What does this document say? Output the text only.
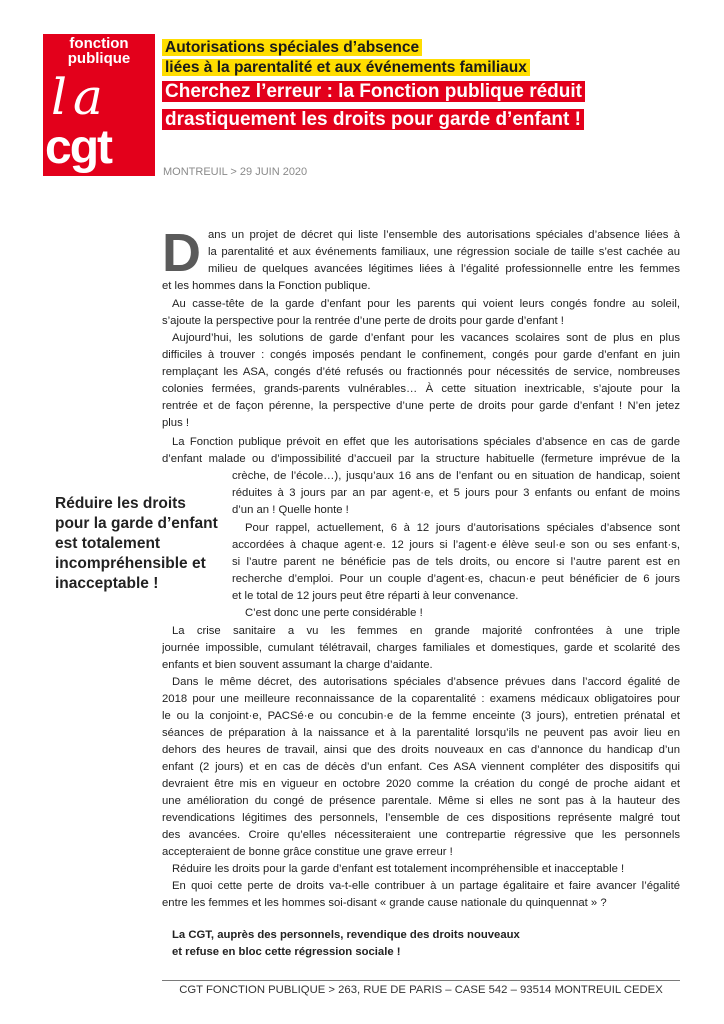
fonction
publique
la
cgt
Autorisations spéciales d’absence
liées à la parentalité et aux événements familiaux
Cherchez l’erreur : la Fonction publique réduit
drastiquement les droits pour garde d’enfant !
MONTREUIL > 29 JUIN 2020
D ans un projet de décret qui liste l’ensemble des autorisations spéciales d’absence liées à
la parentalité et aux événements familiaux, une régression sociale de taille s’est cachée au
milieu de quelques avancées légitimes liées à l’égalité professionnelle entre les femmes
et les hommes dans la Fonction publique.
Au casse-tête de la garde d’enfant pour les parents qui voient leurs congés fondre au soleil,
s’ajoute la perspective pour la rentrée d’une perte de droits pour garde d’enfant !
Aujourd’hui, les solutions de garde d’enfant pour les vacances scolaires sont de plus en plus
difficiles à trouver : congés imposés pendant le confinement, congés pour garde d’enfant en juin
remplaçant les ASA, congés d’été refusés ou fractionnés pour nécessités de service, nombreuses
colonies fermées, grands-parents vulnérables… À cette situation inextricable, s’ajoute pour la
rentrée et de façon pérenne, la perspective d’une perte de droits pour garde d’enfant ! N’en jetez
plus !
La Fonction publique prévoit en effet que les autorisations spéciales d’absence en cas de garde
d’enfant malade ou d’impossibilité d’accueil par la structure habituelle (fermeture imprévue de la
crèche, de l’école…), jusqu’aux 16 ans de l’enfant ou en situation de handicap, soient
réduites à 3 jours par an par agent·e, et 5 jours pour 3 enfants ou enfant de moins
d’un an ! Quelle honte !
Pour rappel, actuellement, 6 à 12 jours d’autorisations spéciales d’absence sont
accordées à chaque agent·e. 12 jours si l’agent·e élève seul·e son ou ses enfant·s,
si l’autre parent ne bénéficie pas de tels droits, ou encore si l’autre parent est en
recherche d’emploi. Pour un couple d’agent·es, chacun·e peut bénéficier de 6 jours
et le total de 12 jours peut être réparti à leur convenance.
C’est donc une perte considérable !
La crise sanitaire a vu les femmes en grande majorité confrontées à une triple
journée impossible, cumulant télétravail, charges familiales et domestiques, garde et scolarité des
enfants et bien souvent assumant la charge d’aidante.
Dans le même décret, des autorisations spéciales d’absence prévues dans l’accord égalité de
2018 pour une meilleure reconnaissance de la coparentalité : examens médicaux obligatoires pour
le ou la conjoint·e, PACSé·e ou concubin·e de la femme enceinte (3 jours), entretien prénatal et
séances de préparation à la naissance et à la parentalité lorsqu’ils ne peuvent pas avoir lieu en
dehors des heures de travail, ainsi que des droits nouveaux en cas d’annonce du handicap d’un
enfant (2 jours) et en cas de décès d’un enfant. Ces ASA viennent compléter des dispositifs qui
devraient être mis en vigueur en octobre 2020 comme la création du congé de proche aidant et
une amélioration du congé de présence parentale. Même si elles ne sont pas à la hauteur des
revendications légitimes des personnels, l’ensemble de ces dispositions représente malgré tout
des avancées. Croire qu’elles nécessiteraient une contrepartie régressive que les personnels
accepteraient de bonne grâce constitue une grave erreur !
Réduire les droits pour la garde d’enfant est totalement incompréhensible et inacceptable !
En quoi cette perte de droits va-t-elle contribuer à un partage égalitaire et faire avancer l’égalité
entre les femmes et les hommes soi-disant « grande cause nationale du quinquennat » ?
Réduire les droits pour la garde d’enfant est totalement incompréhensible et inacceptable !
La CGT, auprès des personnels, revendique des droits nouveaux
et refuse en bloc cette régression sociale !
CGT FONCTION PUBLIQUE > 263, RUE DE PARIS – CASE 542 – 93514 MONTREUIL CEDEX
